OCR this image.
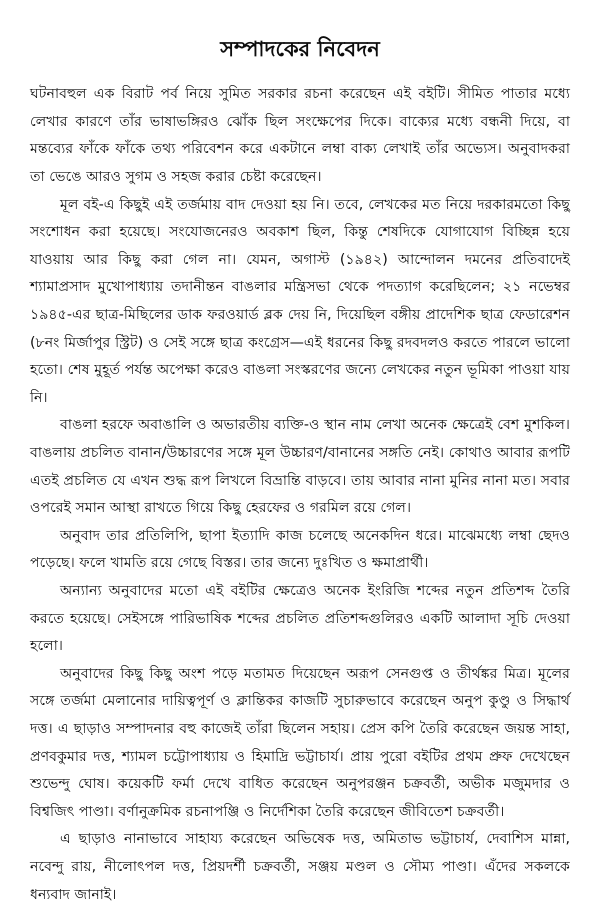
সম্পাদকের নিবেদন

ঘটনাবহুল এক বিরাট পর্ব নিয়ে সুমিত সরকার রচনা করেছেন এই বইটি। সীমিত পাতার মধ্যে লেখার কারণে তাঁর ভাষাভঙ্গিরও ঝোঁক ছিল সংক্ষেপের দিকে। বাক্যের মধ্যে বন্ধনী দিয়ে, বা মন্তব্যের ফাঁকে ফাঁকে তথ্য পরিবেশন করে একটানে লম্বা বাক্য লেখাই তাঁর অভ্যেস। অনুবাদকরা তা ভেঙে আরও সুগম ও সহজ করার চেষ্টা করেছেন।

মূল বই-এ কিছুই এই তর্জমায় বাদ দেওয়া হয় নি। তবে, লেখকের মত নিয়ে দরকারমতো কিছু সংশোধন করা হয়েছে। সংযোজনেরও অবকাশ ছিল, কিন্তু শেষদিকে যোগাযোগ বিচ্ছিন্ন হয়ে যাওয়ায় আর কিছু করা গেল না। যেমন, অগাস্ট (১৯৪২) আন্দোলন দমনের প্রতিবাদেই শ্যামাপ্রসাদ মুখোপাধ্যায় তদানীন্তন বাঙলার মন্ত্রিসভা থেকে পদত্যাগ করেছিলেন; ২১ নভেম্বর ১৯৪৫-এর ছাত্র-মিছিলের ডাক ফরওয়ার্ড ব্লক দেয় নি, দিয়েছিল বঙ্গীয় প্রাদেশিক ছাত্র ফেডারেশন (৮নং মির্জাপুর স্ট্রিট) ও সেই সঙ্গে ছাত্র কংগ্রেস—এই ধরনের কিছু রদবদলও করতে পারলে ভালো হতো। শেষ মুহূর্ত পর্যন্ত অপেক্ষা করেও বাঙলা সংস্করণের জন্যে লেখকের নতুন ভূমিকা পাওয়া যায় নি।

বাঙলা হরফে অবাঙালি ও অভারতীয় ব্যক্তি-ও স্থান নাম লেখা অনেক ক্ষেত্রেই বেশ মুশকিল। বাঙলায় প্রচলিত বানান/উচ্চারণের সঙ্গে মূল উচ্চারণ/বানানের সঙ্গতি নেই। কোথাও আবার রূপটি এতই প্রচলিত যে এখন শুদ্ধ রূপ লিখলে বিভ্রান্তি বাড়বে। তায় আবার নানা মুনির নানা মত। সবার ওপরেই সমান আস্থা রাখতে গিয়ে কিছু হেরফের ও গরমিল রয়ে গেল।

অনুবাদ তার প্রতিলিপি, ছাপা ইত্যাদি কাজ চলেছে অনেকদিন ধরে। মাঝেমধ্যে লম্বা ছেদও পড়েছে। ফলে খামতি রয়ে গেছে বিস্তর। তার জন্যে দুঃখিত ও ক্ষমাপ্রার্থী।

অন্যান্য অনুবাদের মতো এই বইটির ক্ষেত্রেও অনেক ইংরিজি শব্দের নতুন প্রতিশব্দ তৈরি করতে হয়েছে। সেইসঙ্গে পারিভাষিক শব্দের প্রচলিত প্রতিশব্দগুলিরও একটি আলাদা সূচি দেওয়া হলো।

অনুবাদের কিছু কিছু অংশ পড়ে মতামত দিয়েছেন অরূপ সেনগুপ্ত ও তীর্থঙ্কর মিত্র। মূলের সঙ্গে তর্জমা মেলানোর দায়িত্বপূর্ণ ও ক্লান্তিকর কাজটি সুচারুভাবে করেছেন অনুপ কুণ্ডু ও সিদ্ধার্থ দত্ত। এ ছাড়াও সম্পাদনার বহু কাজেই তাঁরা ছিলেন সহায়। প্রেস কপি তৈরি করেছেন জয়ন্ত সাহা, প্রণবকুমার দত্ত, শ্যামল চট্টোপাধ্যায় ও হিমাদ্রি ভট্টাচার্য। প্রায় পুরো বইটির প্রথম প্রুফ দেখেছেন শুভেন্দু ঘোষ। কয়েকটি ফর্মা দেখে বাধিত করেছেন অনুপরঞ্জন চক্রবর্তী, অভীক মজুমদার ও বিশ্বজিৎ পাণ্ডা। বর্ণানুক্রমিক রচনাপঞ্জি ও নির্দেশিকা তৈরি করেছেন জীবিতেশ চক্রবর্তী।

এ ছাড়াও নানাভাবে সাহায্য করেছেন অভিষেক দত্ত, অমিতাভ ভট্টাচার্য, দেবাশিস মান্না, নবেন্দু রায়, নীলোৎপল দত্ত, প্রিয়দর্শী চক্রবর্তী, সঞ্জয় মণ্ডল ও সৌম্য পাণ্ডা। এঁদের সকলকে ধন্যবাদ জানাই।
